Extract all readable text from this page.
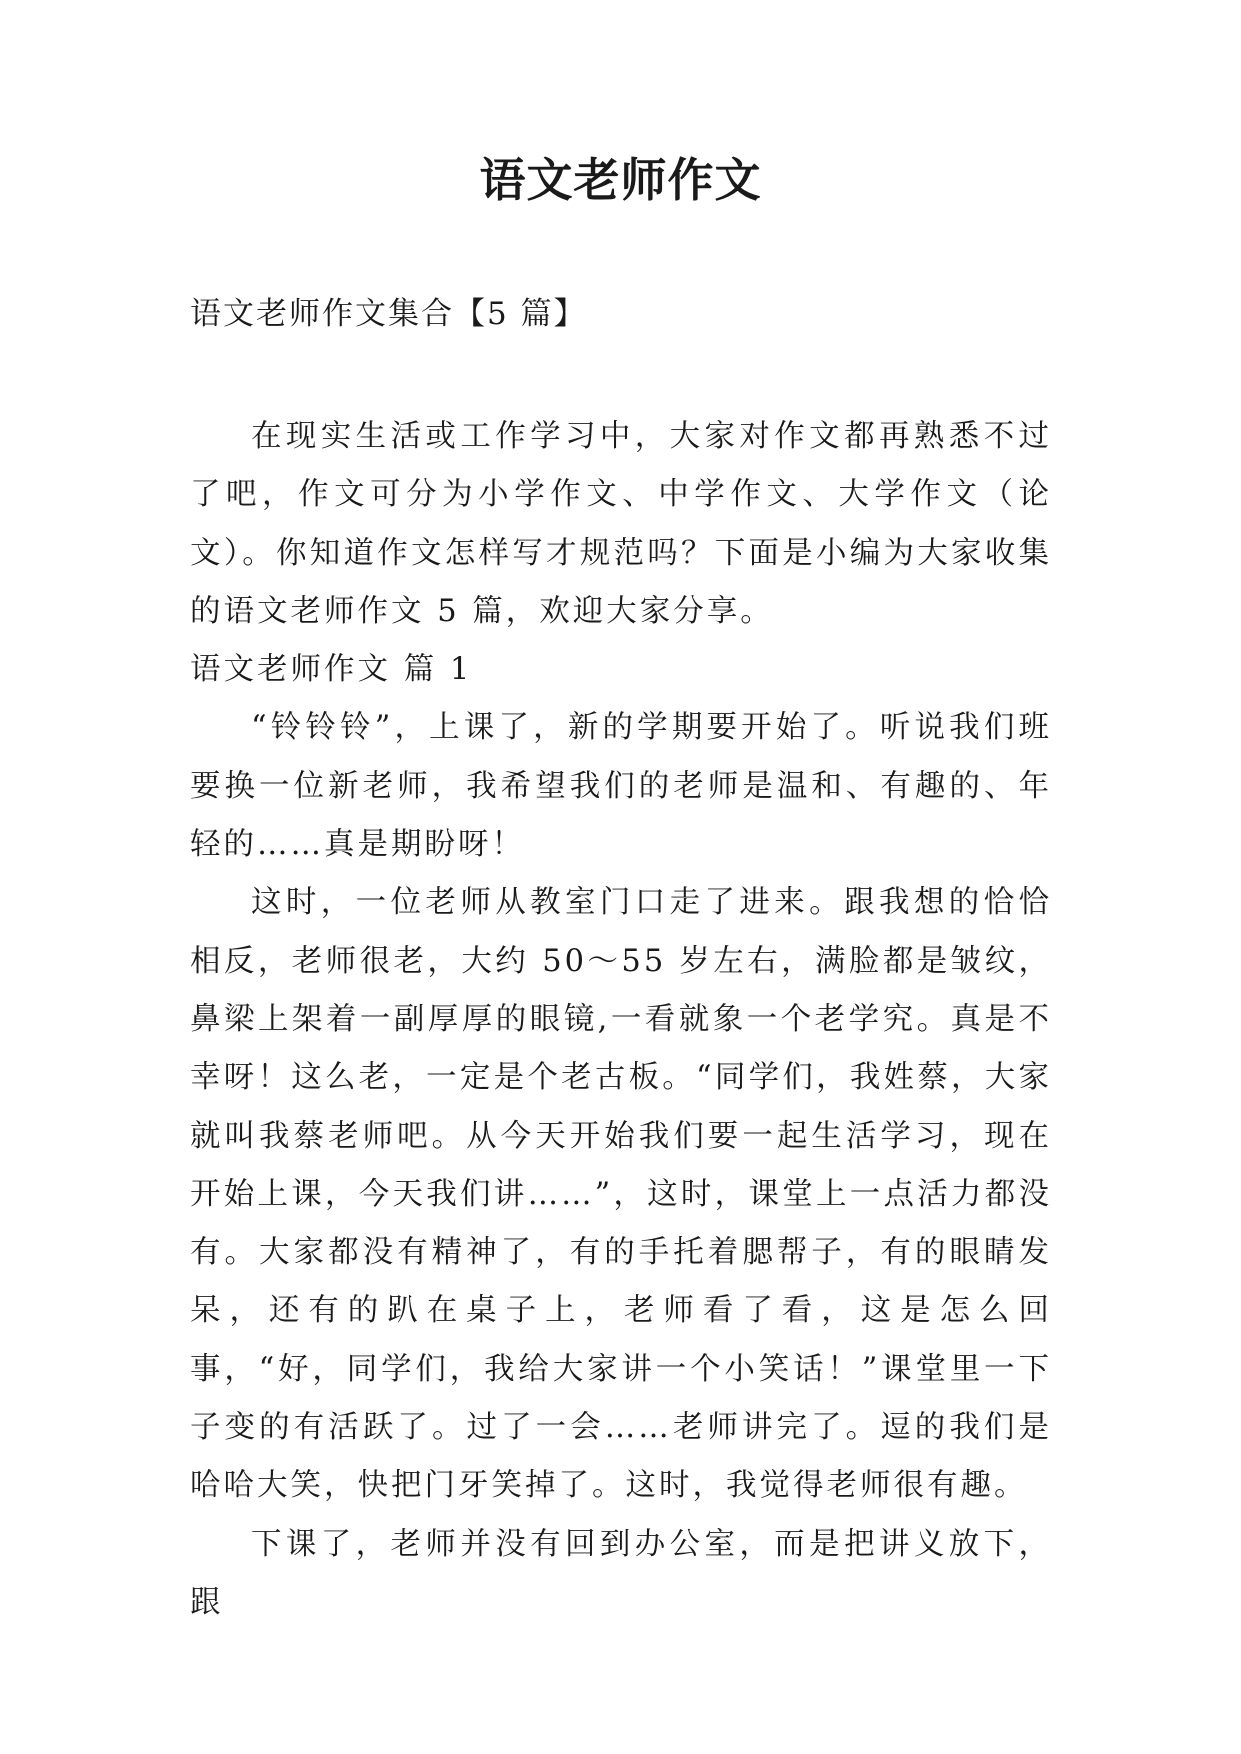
语文老师作文
语文老师作文集合【5 篇】

在现实生活或工作学习中，大家对作文都再熟悉不过了吧，作文可分为小学作文、中学作文、大学作文（论文）。你知道作文怎样写才规范吗？下面是小编为大家收集的语文老师作文 5 篇，欢迎大家分享。

语文老师作文 篇 1

“铃铃铃”，上课了，新的学期要开始了。听说我们班要换一位新老师，我希望我们的老师是温和、有趣的、年轻的……真是期盼呀！

这时，一位老师从教室门口走了进来。跟我想的恰恰相反，老师很老，大约 50～55 岁左右，满脸都是皱纹，鼻梁上架着一副厚厚的眼镜,一看就象一个老学究。真是不幸呀！这么老，一定是个老古板。“同学们，我姓蔡，大家就叫我蔡老师吧。从今天开始我们要一起生活学习，现在开始上课，今天我们讲……”，这时，课堂上一点活力都没有。大家都没有精神了，有的手托着腮帮子，有的眼睛发呆，还有的趴在桌子上，老师看了看，这是怎么回事，“好，同学们，我给大家讲一个小笑话！”课堂里一下子变的有活跃了。过了一会……老师讲完了。逗的我们是哈哈大笑，快把门牙笑掉了。这时，我觉得老师很有趣。

下课了，老师并没有回到办公室，而是把讲义放下，跟
